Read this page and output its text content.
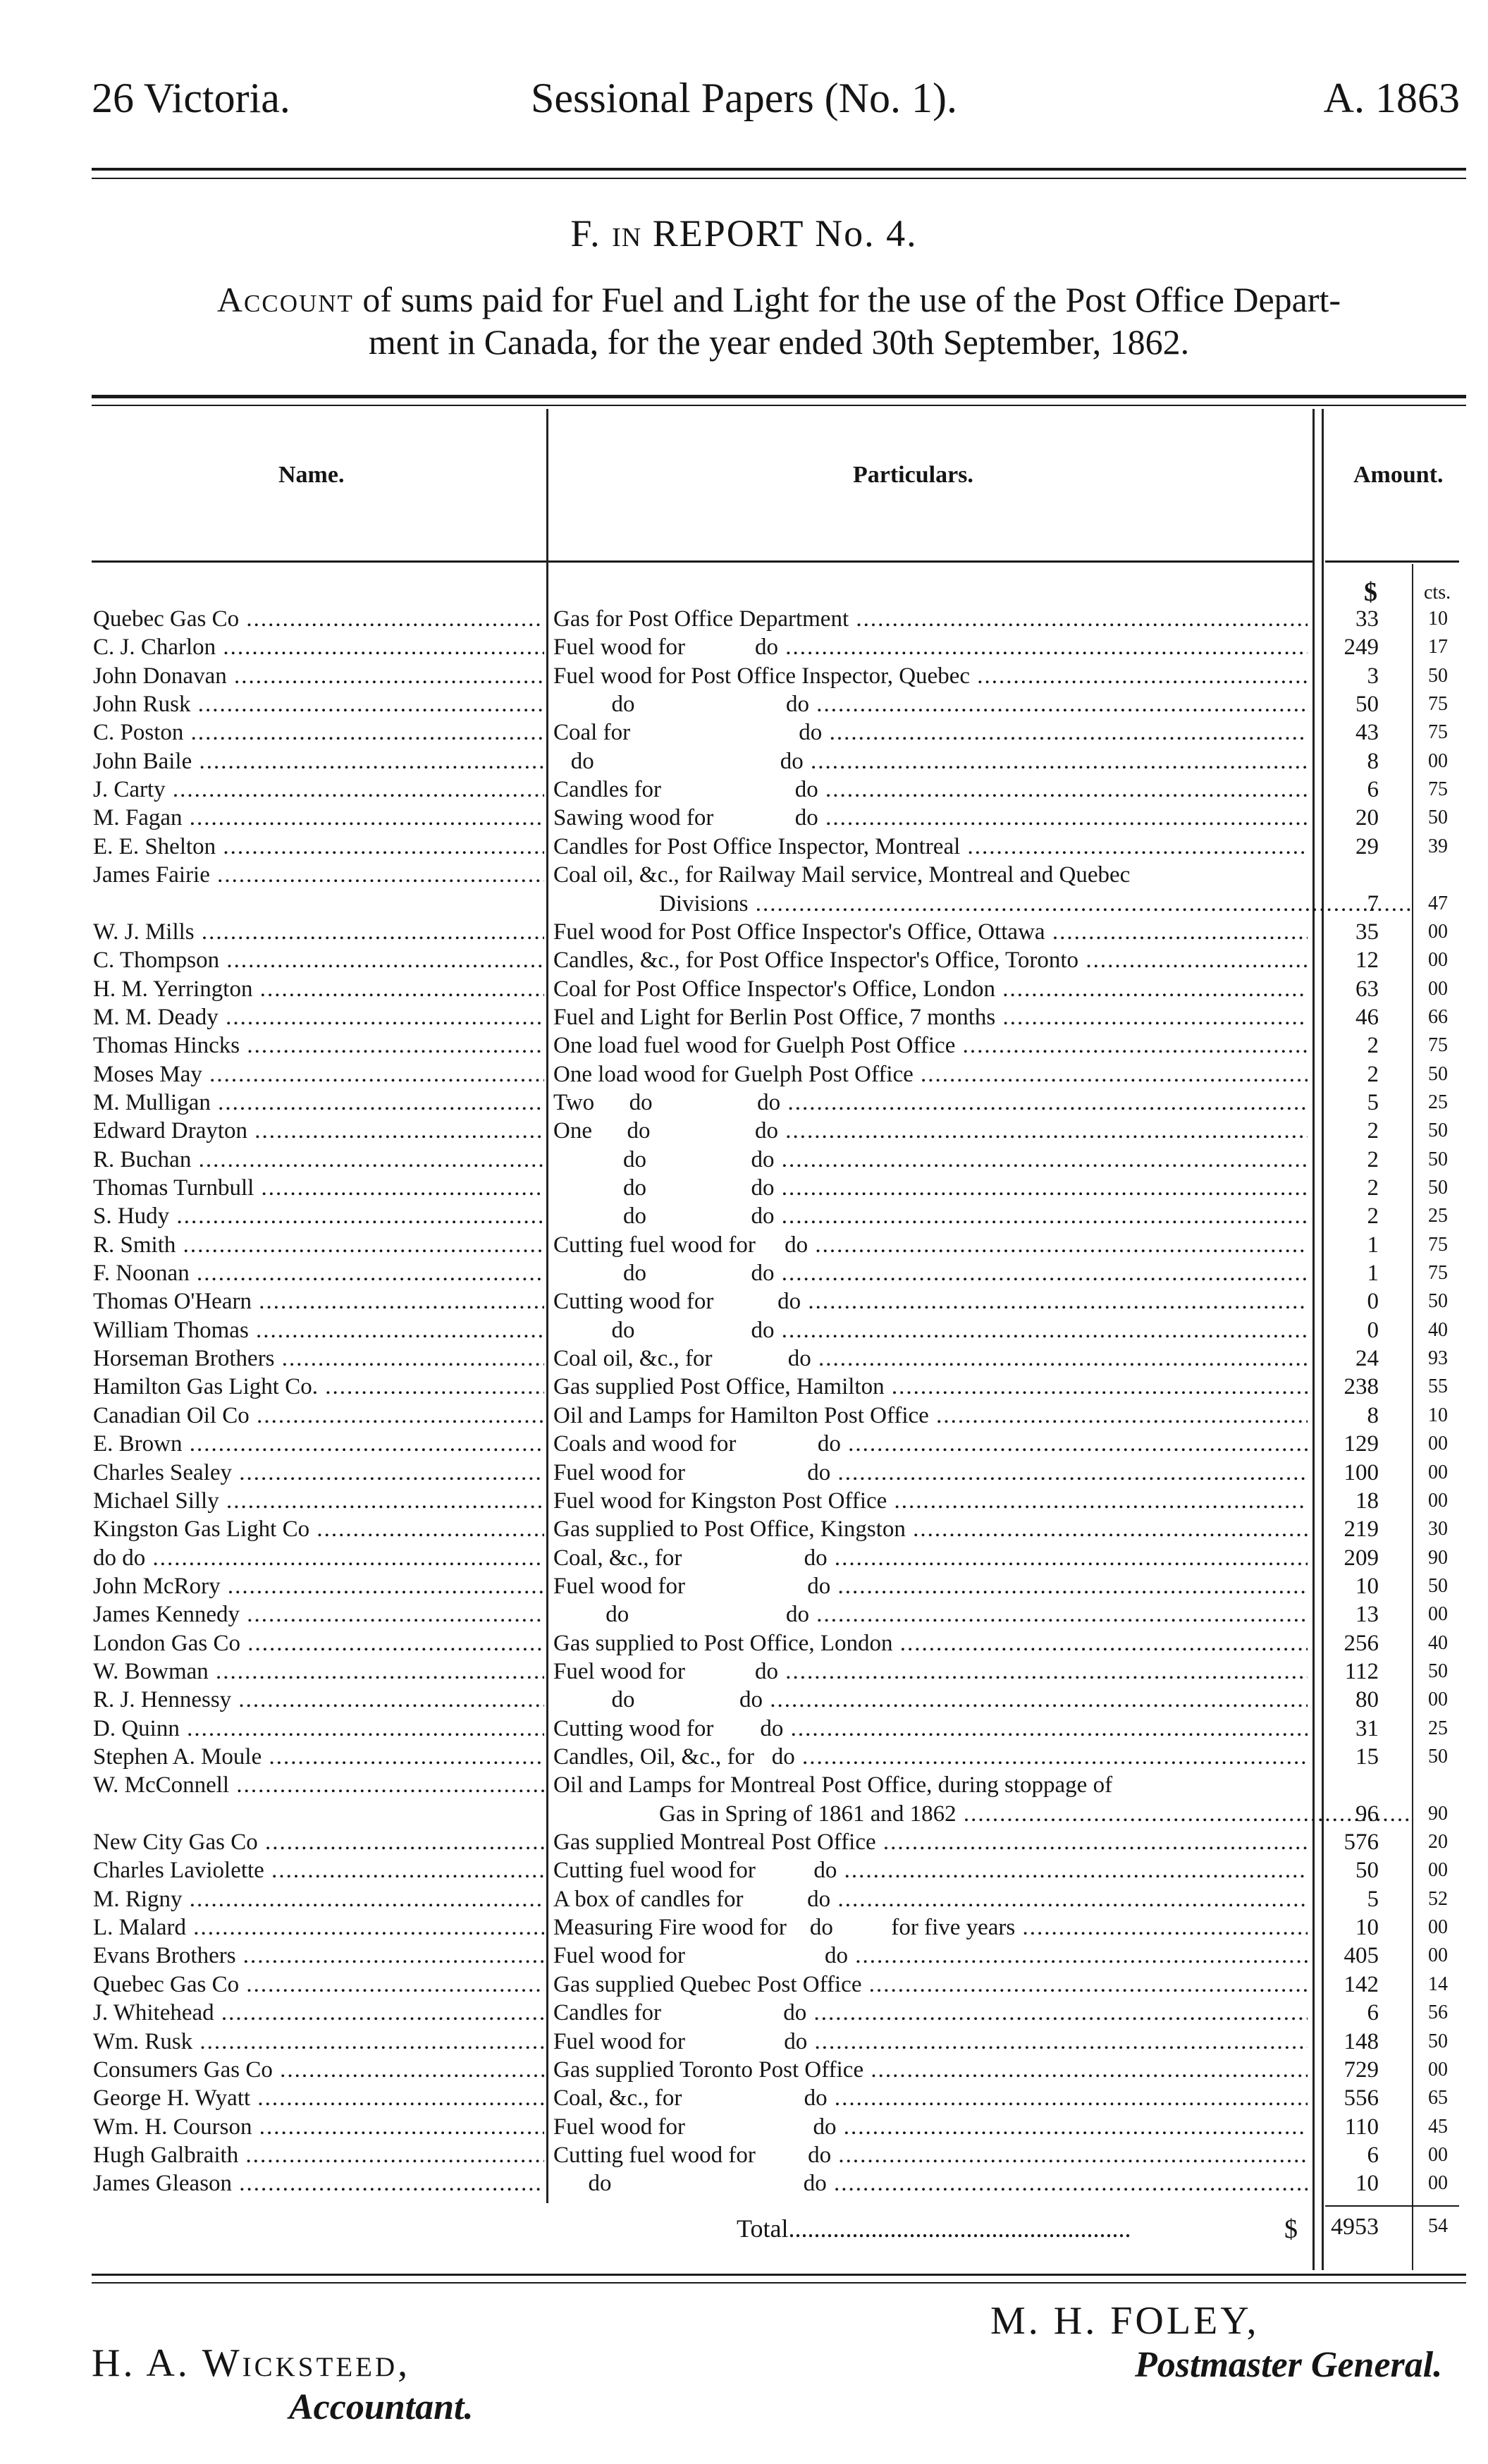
26 Victoria.	Sessional Papers (No. 1).	A. 1863
F. IN REPORT No. 4.
Account of sums paid for Fuel and Light for the use of the Post Office Depart-
ment in Canada, for the year ended 30th September, 1862.
Name.	Particulars.	Amount.
$ cts.
Quebec Gas Co .....	Gas for Post Office Department .....	33	10
C. J. Charlon .....	Fuel wood for            do .....	249	17
John Donavan .....	Fuel wood for Post Office Inspector, Quebec .....	3	50
John Rusk .....	do                          do .....	50	75
C. Poston .....	Coal for                             do .....	43	75
John Baile .....	do                                do .....	8	00
J. Carty .....	Candles for                       do .....	6	75
M. Fagan .....	Sawing wood for              do .....	20	50
E. E. Shelton .....	Candles for Post Office Inspector, Montreal .....	29	39
James Fairie .....	Coal oil, &c., for Railway Mail service, Montreal and Quebec
Divisions .....	7	47
W. J. Mills .....	Fuel wood for Post Office Inspector's Office, Ottawa .....	35	00
C. Thompson .....	Candles, &c., for Post Office Inspector's Office, Toronto .....	12	00
H. M. Yerrington .....	Coal for Post Office Inspector's Office, London .....	63	00
M. M. Deady .....	Fuel and Light for Berlin Post Office, 7 months .....	46	66
Thomas Hincks .....	One load fuel wood for Guelph Post Office .....	2	75
Moses May .....	One load wood for Guelph Post Office .....	2	50
M. Mulligan .....	Two      do                  do .....	5	25
Edward Drayton .....	One      do                  do .....	2	50
R. Buchan .....	do                  do .....	2	50
Thomas Turnbull .....	do                  do .....	2	50
S. Hudy .....	do                  do .....	2	25
R. Smith .....	Cutting fuel wood for     do .....	1	75
F. Noonan .....	do                  do .....	1	75
Thomas O'Hearn .....	Cutting wood for           do .....	0	50
William Thomas .....	do                    do .....	0	40
Horseman Brothers .....	Coal oil, &c., for             do .....	24	93
Hamilton Gas Light Co. .....	Gas supplied Post Office, Hamilton .....	238	55
Canadian Oil Co .....	Oil and Lamps for Hamilton Post Office .....	8	10
E. Brown .....	Coals and wood for              do .....	129	00
Charles Sealey .....	Fuel wood for                     do .....	100	00
Michael Silly .....	Fuel wood for Kingston Post Office .....	18	00
Kingston Gas Light Co .....	Gas supplied to Post Office, Kingston .....	219	30
do do .....	Coal, &c., for                     do .....	209	90
John McRory .....	Fuel wood for                     do .....	10	50
James Kennedy .....	do                           do .....	13	00
London Gas Co .....	Gas supplied to Post Office, London .....	256	40
W. Bowman .....	Fuel wood for            do .....	112	50
R. J. Hennessy .....	do                  do .....	80	00
D. Quinn .....	Cutting wood for        do .....	31	25
Stephen A. Moule .....	Candles, Oil, &c., for   do .....	15	50
W. McConnell .....	Oil and Lamps for Montreal Post Office, during stoppage of
Gas in Spring of 1861 and 1862 .....	96	90
New City Gas Co .....	Gas supplied Montreal Post Office .....	576	20
Charles Laviolette .....	Cutting fuel wood for          do .....	50	00
M. Rigny .....	A box of candles for           do .....	5	52
L. Malard .....	Measuring Fire wood for    do          for five years .....	10	00
Evans Brothers .....	Fuel wood for                        do .....	405	00
Quebec Gas Co .....	Gas supplied Quebec Post Office .....	142	14
J. Whitehead .....	Candles for                     do .....	6	56
Wm. Rusk .....	Fuel wood for                 do .....	148	50
Consumers Gas Co .....	Gas supplied Toronto Post Office .....	729	00
George H. Wyatt .....	Coal, &c., for                     do .....	556	65
Wm. H. Courson .....	Fuel wood for                      do .....	110	45
Hugh Galbraith .....	Cutting fuel wood for         do .....	6	00
James Gleason .....	do                                 do .....	10	00
Total......................................................	$ 4953	54
M. H. FOLEY,
Postmaster General.
H. A. Wicksteed,
Accountant.
